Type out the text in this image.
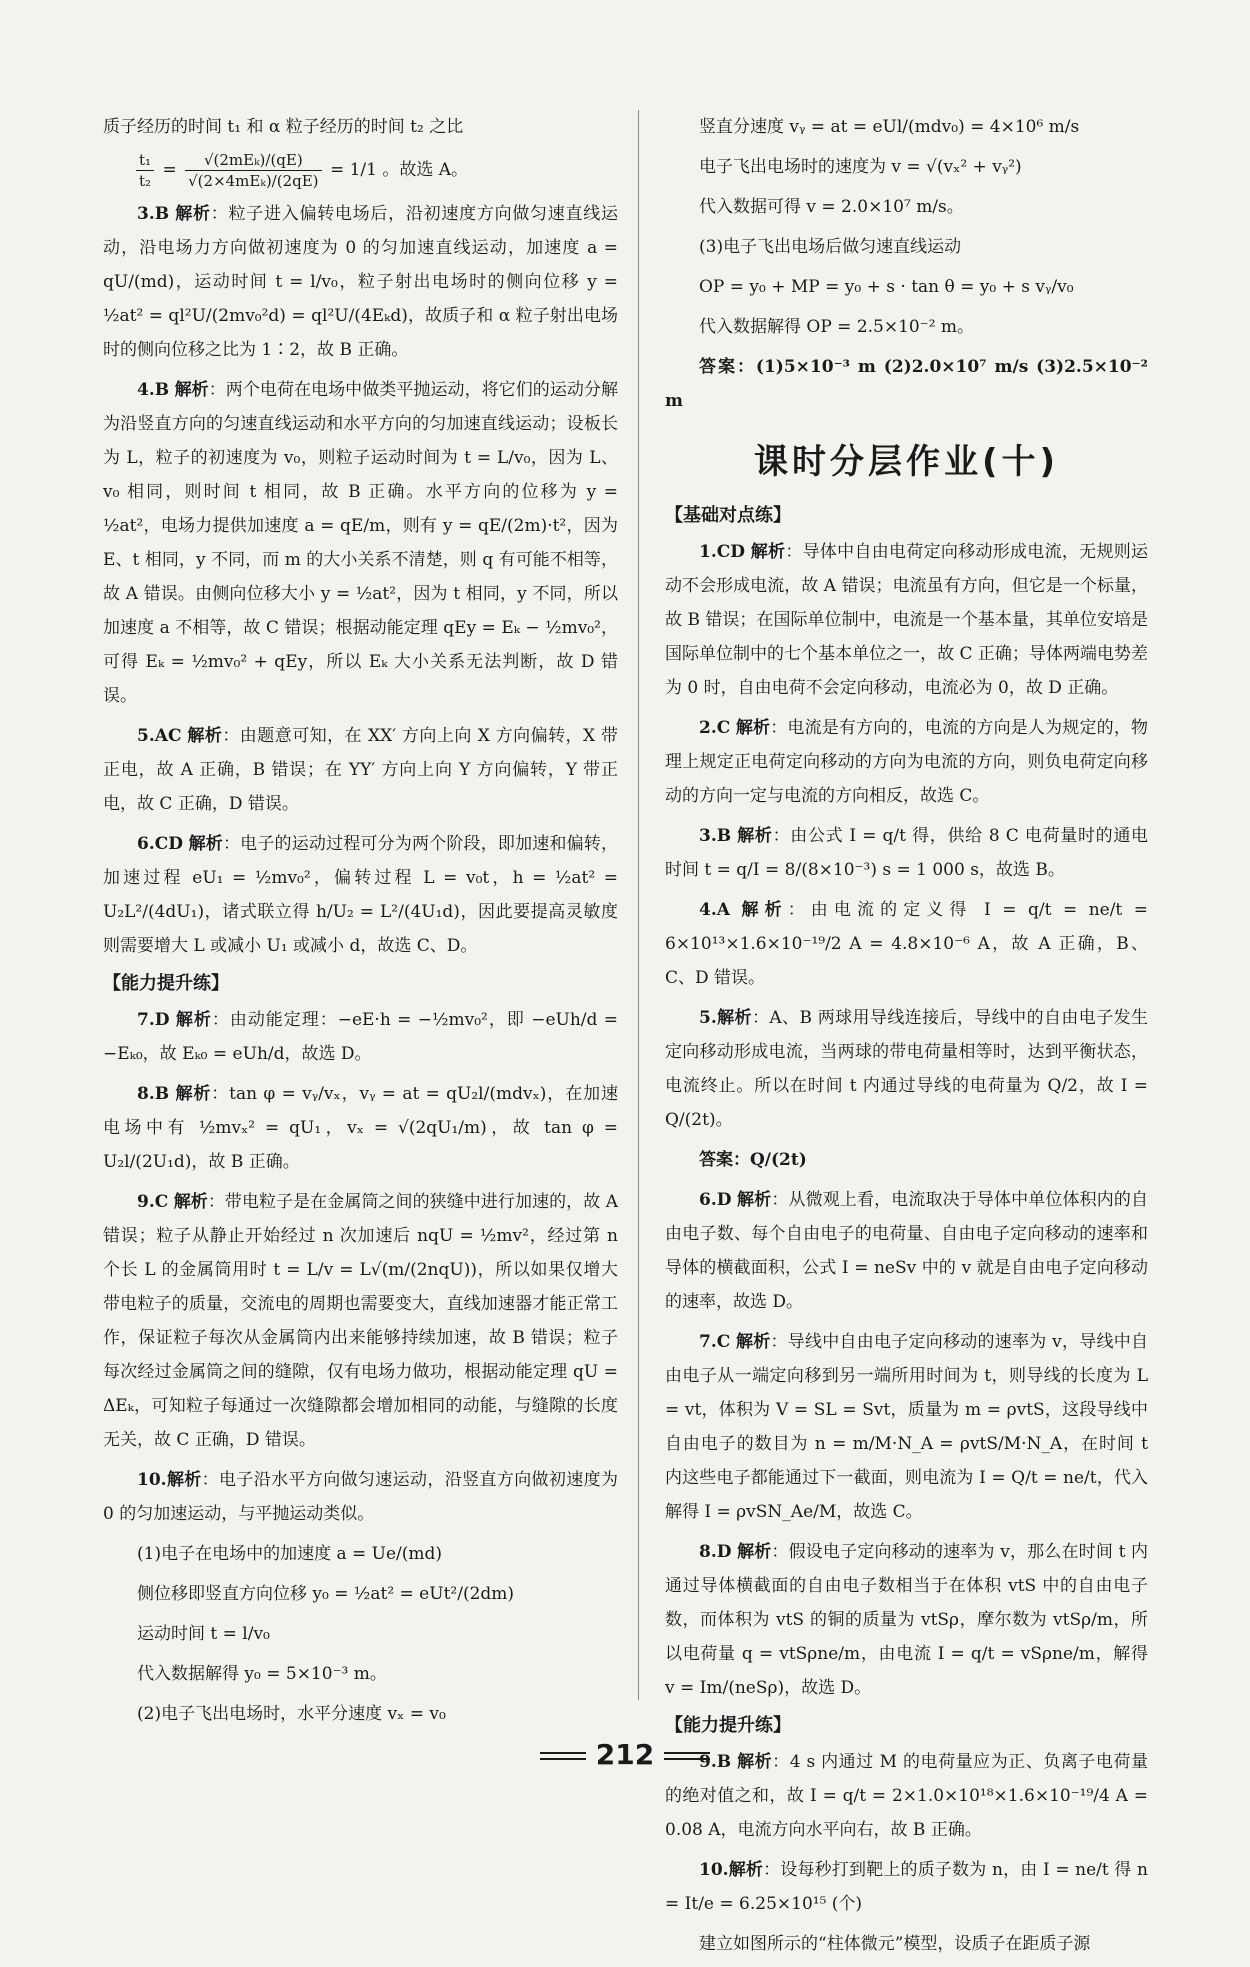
质子经历的时间 t₁ 和 α 粒子经历的时间 t₂ 之比

$\frac{\text{t₁}}{\text{t₂}} = \frac{\text{√(2mEₖ)/(qE)}}{\text{√(2×4mEₖ)/(2qE)}} = 1/1$ 。故选 A。

3.B 解析：粒子进入偏转电场后，沿初速度方向做匀速直线运动，沿电场力方向做初速度为 0 的匀加速直线运动，加速度 a = qU/(md)，运动时间 t = l/v₀，粒子射出电场时的侧向位移 y = ½at² = ql²U/(2mv₀²d) = ql²U/(4Eₖd)，故质子和 α 粒子射出电场时的侧向位移之比为 1∶2，故 B 正确。

4.B 解析：两个电荷在电场中做类平抛运动，将它们的运动分解为沿竖直方向的匀速直线运动和水平方向的匀加速直线运动；设板长为 L，粒子的初速度为 v₀，则粒子运动时间为 t = L/v₀，因为 L、v₀ 相同，则时间 t 相同，故 B 正确。水平方向的位移为 y = ½at²，电场力提供加速度 a = qE/m，则有 y = qE/(2m)·t²，因为 E、t 相同，y 不同，而 m 的大小关系不清楚，则 q 有可能不相等，故 A 错误。由侧向位移大小 y = ½at²，因为 t 相同，y 不同，所以加速度 a 不相等，故 C 错误；根据动能定理 qEy = Eₖ − ½mv₀²，可得 Eₖ = ½mv₀² + qEy，所以 Eₖ 大小关系无法判断，故 D 错误。

5.AC 解析：由题意可知，在 XX′ 方向上向 X 方向偏转，X 带正电，故 A 正确，B 错误；在 YY′ 方向上向 Y 方向偏转，Y 带正电，故 C 正确，D 错误。

6.CD 解析：电子的运动过程可分为两个阶段，即加速和偏转，加速过程 eU₁ = ½mv₀²，偏转过程 L = v₀t，h = ½at² = U₂L²/(4dU₁)，诸式联立得 h/U₂ = L²/(4U₁d)，因此要提高灵敏度则需要增大 L 或减小 U₁ 或减小 d，故选 C、D。

【能力提升练】

7.D 解析：由动能定理：−eE·h = −½mv₀²，即 −eUh/d = −Eₖ₀，故 Eₖ₀ = eUh/d，故选 D。

8.B 解析：tan φ = vᵧ/vₓ，vᵧ = at = qU₂l/(mdvₓ)，在加速电场中有 ½mvₓ² = qU₁，vₓ = √(2qU₁/m)，故 tan φ = U₂l/(2U₁d)，故 B 正确。

9.C 解析：带电粒子是在金属筒之间的狭缝中进行加速的，故 A 错误；粒子从静止开始经过 n 次加速后 nqU = ½mv²，经过第 n 个长 L 的金属筒用时 t = L/v = L√(m/(2nqU))，所以如果仅增大带电粒子的质量，交流电的周期也需要变大，直线加速器才能正常工作，保证粒子每次从金属筒内出来能够持续加速，故 B 错误；粒子每次经过金属筒之间的缝隙，仅有电场力做功，根据动能定理 qU = ΔEₖ，可知粒子每通过一次缝隙都会增加相同的动能，与缝隙的长度无关，故 C 正确，D 错误。

10.解析：电子沿水平方向做匀速运动，沿竖直方向做初速度为 0 的匀加速运动，与平抛运动类似。

(1)电子在电场中的加速度 a = Ue/(md)

侧位移即竖直方向位移 y₀ = ½at² = eUt²/(2dm)

运动时间 t = l/v₀

代入数据解得 y₀ = 5×10⁻³ m。

(2)电子飞出电场时，水平分速度 vₓ = v₀

竖直分速度 vᵧ = at = eUl/(mdv₀) = 4×10⁶ m/s

电子飞出电场时的速度为 v = √(vₓ² + vᵧ²)

代入数据可得 v = 2.0×10⁷ m/s。

(3)电子飞出电场后做匀速直线运动

OP = y₀ + MP = y₀ + s · tan θ = y₀ + s vᵧ/v₀

代入数据解得 OP = 2.5×10⁻² m。

答案：(1)5×10⁻³ m (2)2.0×10⁷ m/s (3)2.5×10⁻² m

课时分层作业(十)
【基础对点练】

1.CD 解析：导体中自由电荷定向移动形成电流，无规则运动不会形成电流，故 A 错误；电流虽有方向，但它是一个标量，故 B 错误；在国际单位制中，电流是一个基本量，其单位安培是国际单位制中的七个基本单位之一，故 C 正确；导体两端电势差为 0 时，自由电荷不会定向移动，电流必为 0，故 D 正确。

2.C 解析：电流是有方向的，电流的方向是人为规定的，物理上规定正电荷定向移动的方向为电流的方向，则负电荷定向移动的方向一定与电流的方向相反，故选 C。

3.B 解析：由公式 I = q/t 得，供给 8 C 电荷量时的通电时间 t = q/I = 8/(8×10⁻³) s = 1 000 s，故选 B。

4.A 解析：由电流的定义得 I = q/t = ne/t = 6×10¹³×1.6×10⁻¹⁹/2 A = 4.8×10⁻⁶ A，故 A 正确，B、C、D 错误。

5.解析：A、B 两球用导线连接后，导线中的自由电子发生定向移动形成电流，当两球的带电荷量相等时，达到平衡状态，电流终止。所以在时间 t 内通过导线的电荷量为 Q/2，故 I = Q/(2t)。

答案：Q/(2t)

6.D 解析：从微观上看，电流取决于导体中单位体积内的自由电子数、每个自由电子的电荷量、自由电子定向移动的速率和导体的横截面积，公式 I = neSv 中的 v 就是自由电子定向移动的速率，故选 D。

7.C 解析：导线中自由电子定向移动的速率为 v，导线中自由电子从一端定向移到另一端所用时间为 t，则导线的长度为 L = vt，体积为 V = SL = Svt，质量为 m = ρvtS，这段导线中自由电子的数目为 n = m/M·N_A = ρvtS/M·N_A，在时间 t 内这些电子都能通过下一截面，则电流为 I = Q/t = ne/t，代入解得 I = ρvSN_Ae/M，故选 C。

8.D 解析：假设电子定向移动的速率为 v，那么在时间 t 内通过导体横截面的自由电子数相当于在体积 vtS 中的自由电子数，而体积为 vtS 的铜的质量为 vtSρ，摩尔数为 vtSρ/m，所以电荷量 q = vtSρne/m，由电流 I = q/t = vSρne/m，解得 v = Im/(neSρ)，故选 D。

【能力提升练】

9.B 解析：4 s 内通过 M 的电荷量应为正、负离子电荷量的绝对值之和，故 I = q/t = 2×1.0×10¹⁸×1.6×10⁻¹⁹/4 A = 0.08 A，电流方向水平向右，故 B 正确。

10.解析：设每秒打到靶上的质子数为 n，由 I = ne/t 得 n = It/e = 6.25×10¹⁵ (个)

建立如图所示的“柱体微元”模型，设质子在距质子源

212
